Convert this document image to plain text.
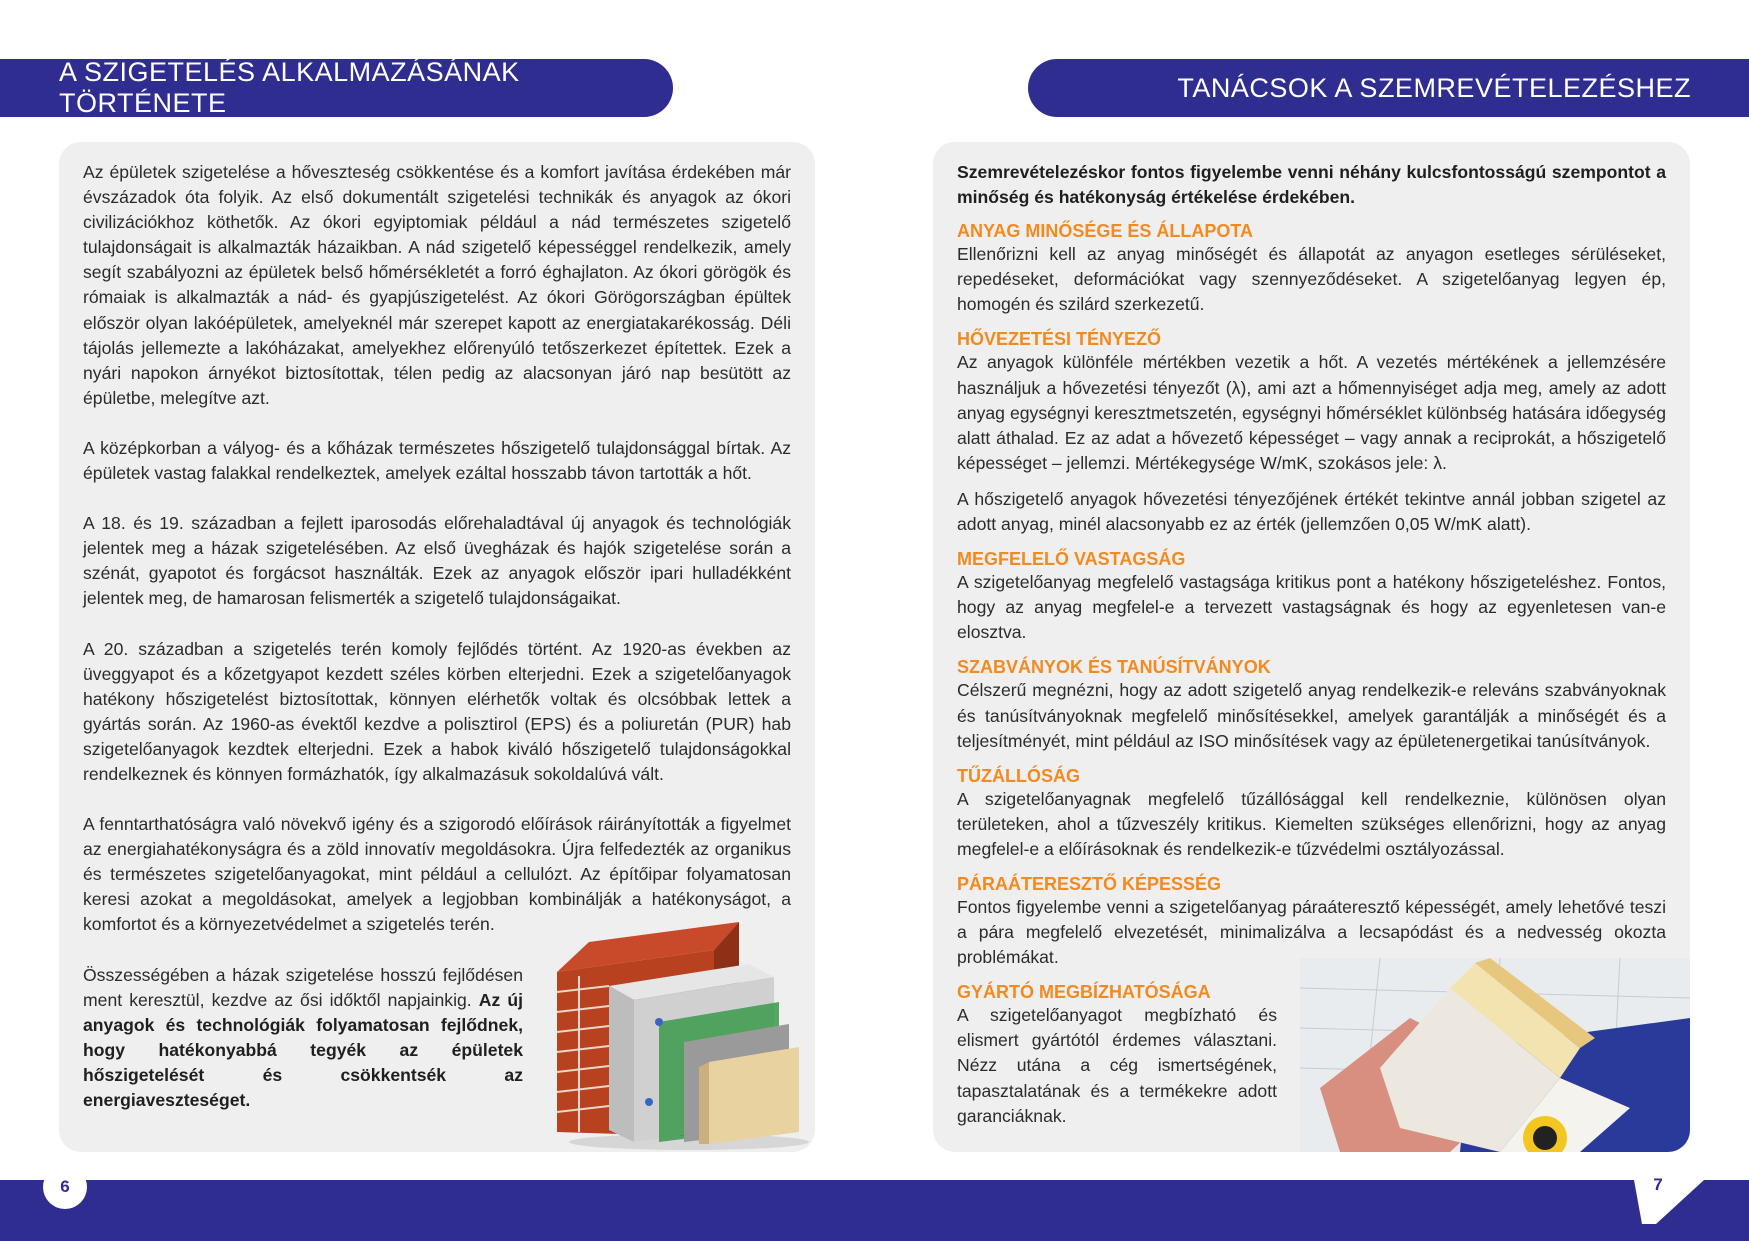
A SZIGETELÉS ALKALMAZÁSÁNAK TÖRTÉNETE
TANÁCSOK A SZEMREVÉTELEZÉSHEZ

Az épületek szigetelése a hőveszteség csökkentése és a komfort javítása érdekében már évszázadok óta folyik. Az első dokumentált szigetelési technikák és anyagok az ókori civilizációkhoz köthetők. Az ókori egyiptomiak például a nád természetes szigetelő tulajdonságait is alkalmazták házaikban. A nád szigetelő képességgel rendelkezik, amely segít szabályozni az épületek belső hőmérsékletét a forró éghajlaton. Az ókori görögök és rómaiak is alkalmazták a nád- és gyapjúszigetelést. Az ókori Görögországban épültek először olyan lakóépületek, amelyeknél már szerepet kapott az energiatakarékosság. Déli tájolás jellemezte a lakóházakat, amelyekhez előrenyúló tetőszerkezet építettek. Ezek a nyári napokon árnyékot biztosítottak, télen pedig az alacsonyan járó nap besütött az épületbe, melegítve azt.

A középkorban a vályog- és a kőházak természetes hőszigetelő tulajdonsággal bírtak. Az épületek vastag falakkal rendelkeztek, amelyek ezáltal hosszabb távon tartották a hőt.

A 18. és 19. században a fejlett iparosodás előrehaladtával új anyagok és technológiák jelentek meg a házak szigetelésében. Az első üvegházak és hajók szigetelése során a szénát, gyapotot és forgácsot használták. Ezek az anyagok először ipari hulladékként jelentek meg, de hamarosan felismerték a szigetelő tulajdonságaikat.

A 20. században a szigetelés terén komoly fejlődés történt. Az 1920-as években az üveggyapot és a kőzetgyapot kezdett széles körben elterjedni. Ezek a szigetelőanyagok hatékony hőszigetelést biztosítottak, könnyen elérhetők voltak és olcsóbbak lettek a gyártás során. Az 1960-as évektől kezdve a polisztirol (EPS) és a poliuretán (PUR) hab szigetelőanyagok kezdtek elterjedni. Ezek a habok kiváló hőszigetelő tulajdonságokkal rendelkeznek és könnyen formázhatók, így alkalmazásuk sokoldalúvá vált.

A fenntarthatóságra való növekvő igény és a szigorodó előírások ráirányították a figyelmet az energiahatékonyságra és a zöld innovatív megoldásokra. Újra felfedezték az organikus és természetes szigetelőanyagokat, mint például a cellulózt. Az építőipar folyamatosan keresi azokat a megoldásokat, amelyek a legjobban kombinálják a hatékonyságot, a komfortot és a környezetvédelmet a szigetelés terén.

Összességében a házak szigetelése hosszú fejlődésen ment keresztül, kezdve az ősi időktől napjainkig. Az új anyagok és technológiák folyamatosan fejlődnek, hogy hatékonyabbá tegyék az épületek hőszigetelését és csökkentsék az energiaveszteséget.

Szemrevételezéskor fontos figyelembe venni néhány kulcsfontosságú szempontot a minőség és hatékonyság értékelése érdekében.

ANYAG MINŐSÉGE ÉS ÁLLAPOTA

Ellenőrizni kell az anyag minőségét és állapotát az anyagon esetleges sérüléseket, repedéseket, deformációkat vagy szennyeződéseket. A szigetelőanyag legyen ép, homogén és szilárd szerkezetű.

HŐVEZETÉSI TÉNYEZŐ

Az anyagok különféle mértékben vezetik a hőt. A vezetés mértékének a jellemzésére használjuk a hővezetési tényezőt (λ), ami azt a hőmennyiséget adja meg, amely az adott anyag egységnyi keresztmetszetén, egységnyi hőmérséklet különbség hatására időegység alatt áthalad. Ez az adat a hővezető képességet – vagy annak a reciprokát, a hőszigetelő képességet – jellemzi. Mértékegysége W/mK, szokásos jele: λ.

A hőszigetelő anyagok hővezetési tényezőjének értékét tekintve annál jobban szigetel az adott anyag, minél alacsonyabb ez az érték (jellemzően 0,05 W/mK alatt).

MEGFELELŐ VASTAGSÁG

A szigetelőanyag megfelelő vastagsága kritikus pont a hatékony hőszigeteléshez. Fontos, hogy az anyag megfelel-e a tervezett vastagságnak és hogy az egyenletesen van-e elosztva.

SZABVÁNYOK ÉS TANÚSÍTVÁNYOK

Célszerű megnézni, hogy az adott szigetelő anyag rendelkezik-e releváns szabványoknak és tanúsítványoknak megfelelő minősítésekkel, amelyek garantálják a minőségét és a teljesítményét, mint például az ISO minősítések vagy az épületenergetikai tanúsítványok.

TŰZÁLLÓSÁG

A szigetelőanyagnak megfelelő tűzállósággal kell rendelkeznie, különösen olyan területeken, ahol a tűzveszély kritikus. Kiemelten szükséges ellenőrizni, hogy az anyag megfelel-e a előírásoknak és rendelkezik-e tűzvédelmi osztályozással.

PÁRAÁTERESZTŐ KÉPESSÉG

Fontos figyelembe venni a szigetelőanyag páraáteresztő képességét, amely lehetővé teszi a pára megfelelő elvezetését, minimalizálva a lecsapódást és a nedvesség okozta problémákat.

GYÁRTÓ MEGBÍZHATÓSÁGA

A szigetelőanyagot megbízható és elismert gyártótól érdemes választani. Nézz utána a cég ismertségének, tapasztalatának és a termékekre adott garanciáknak.

6	7
